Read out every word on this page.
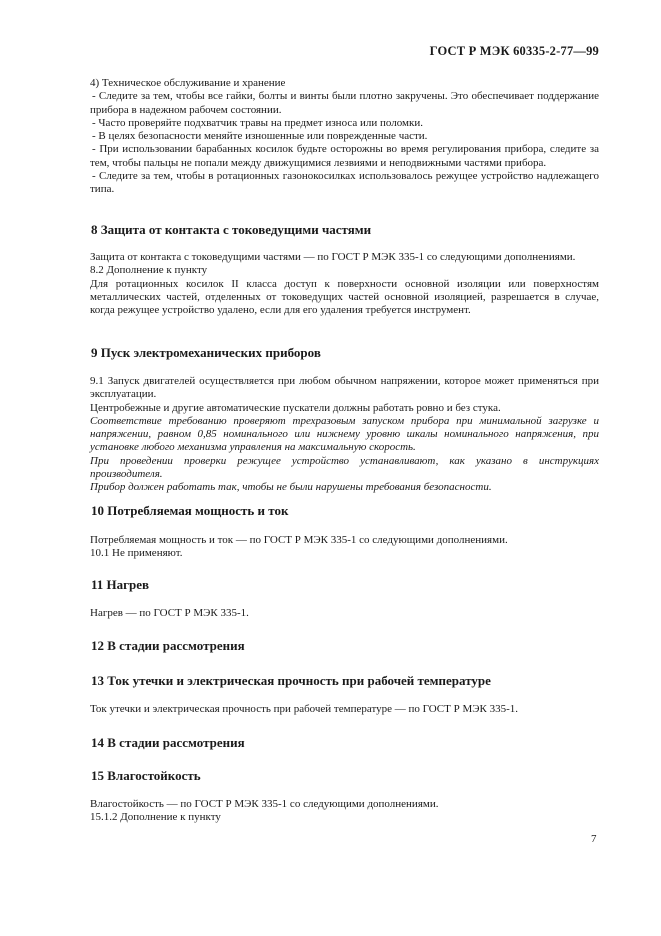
ГОСТ Р МЭК 60335-2-77—99

4) Техническое обслуживание и хранение

- Следите за тем, чтобы все гайки, болты и винты были плотно закручены. Это обеспечивает поддержание прибора в надежном рабочем состоянии.

- Часто проверяйте подхватчик травы на предмет износа или поломки.

- В целях безопасности меняйте изношенные или поврежденные части.

- При использовании барабанных косилок будьте осторожны во время регулирования прибора, следите за тем, чтобы пальцы не попали между движущимися лезвиями и неподвижными частями прибора.

- Следите за тем, чтобы в ротационных газонокосилках использовалось режущее устройство надлежащего типа.

8 Защита от контакта с токоведущими частями

Защита от контакта с токоведущими частями — по ГОСТ Р МЭК 335-1 со следующими дополнениями.

8.2 Дополнение к пункту

Для ротационных косилок II класса доступ к поверхности основной изоляции или поверхностям металлических частей, отделенных от токоведущих частей основной изоляцией, разрешается в случае, когда режущее устройство удалено, если для его удаления требуется инструмент.

9 Пуск электромеханических приборов

9.1 Запуск двигателей осуществляется при любом обычном напряжении, которое может применяться при эксплуатации.

Центробежные и другие автоматические пускатели должны работать ровно и без стука.

Соответствие требованию проверяют трехразовым запуском прибора при минимальной загрузке и напряжении, равном 0,85 номинального или нижнему уровню шкалы номинального напряжения, при установке любого механизма управления на максимальную скорость.

При проведении проверки режущее устройство устанавливают, как указано в инструкциях производителя.

Прибор должен работать так, чтобы не были нарушены требования безопасности.

10 Потребляемая мощность и ток

Потребляемая мощность и ток — по ГОСТ Р МЭК 335-1 со следующими дополнениями.

10.1 Не применяют.

11 Нагрев

Нагрев — по ГОСТ Р МЭК 335-1.

12 В стадии рассмотрения
13 Ток утечки и электрическая прочность при рабочей температуре

Ток утечки и электрическая прочность при рабочей температуре — по ГОСТ Р МЭК 335-1.

14 В стадии рассмотрения
15 Влагостойкость

Влагостойкость — по ГОСТ Р МЭК 335-1 со следующими дополнениями.

15.1.2 Дополнение к пункту

7
